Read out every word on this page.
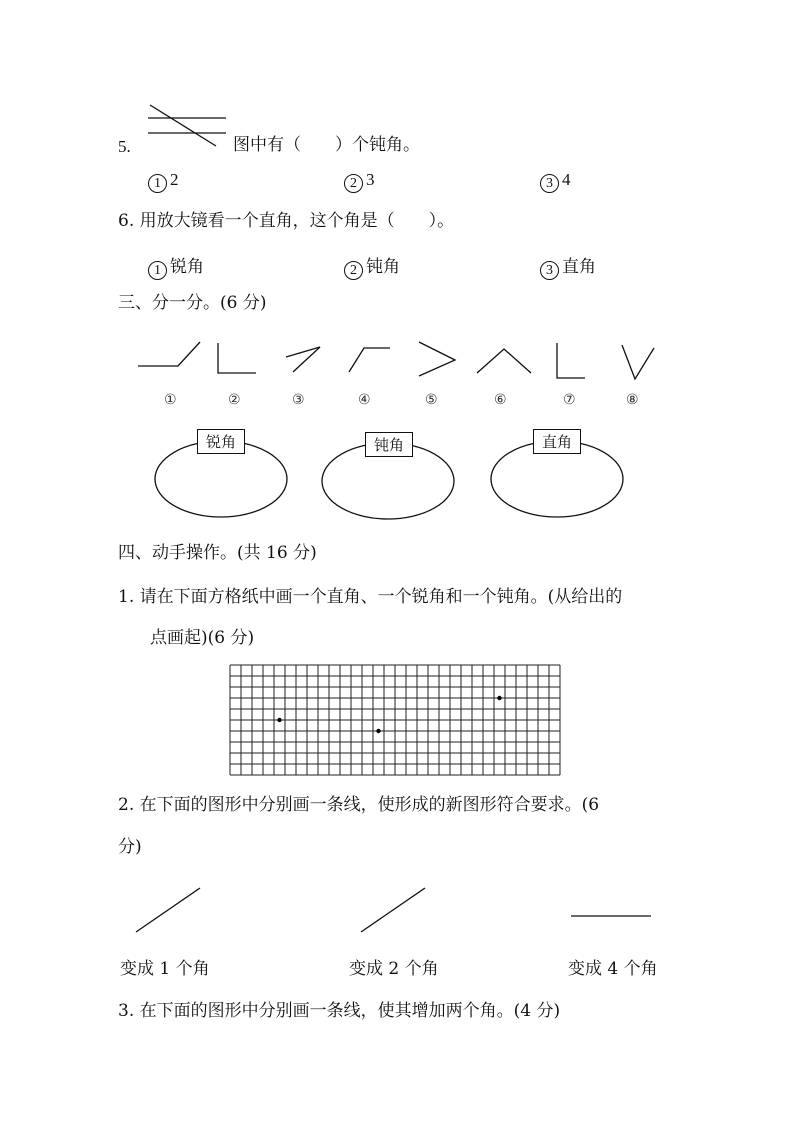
5.	图中有（　　）个钝角。
1 2	2 3	3 4
6. 用放大镜看一个直角，这个角是（　　）。
1 锐角	2 钝角	3 直角
三、分一分。(6 分)
①	②	③	④	⑤	⑥	⑦	⑧
锐角	钝角	直角
四、动手操作。(共 16 分)
1. 请在下面方格纸中画一个直角、一个锐角和一个钝角。(从给出的
点画起)(6 分)
2. 在下面的图形中分别画一条线，使形成的新图形符合要求。(6
分)
变成 1 个角	变成 2 个角	变成 4 个角
3. 在下面的图形中分别画一条线，使其增加两个角。(4 分)
